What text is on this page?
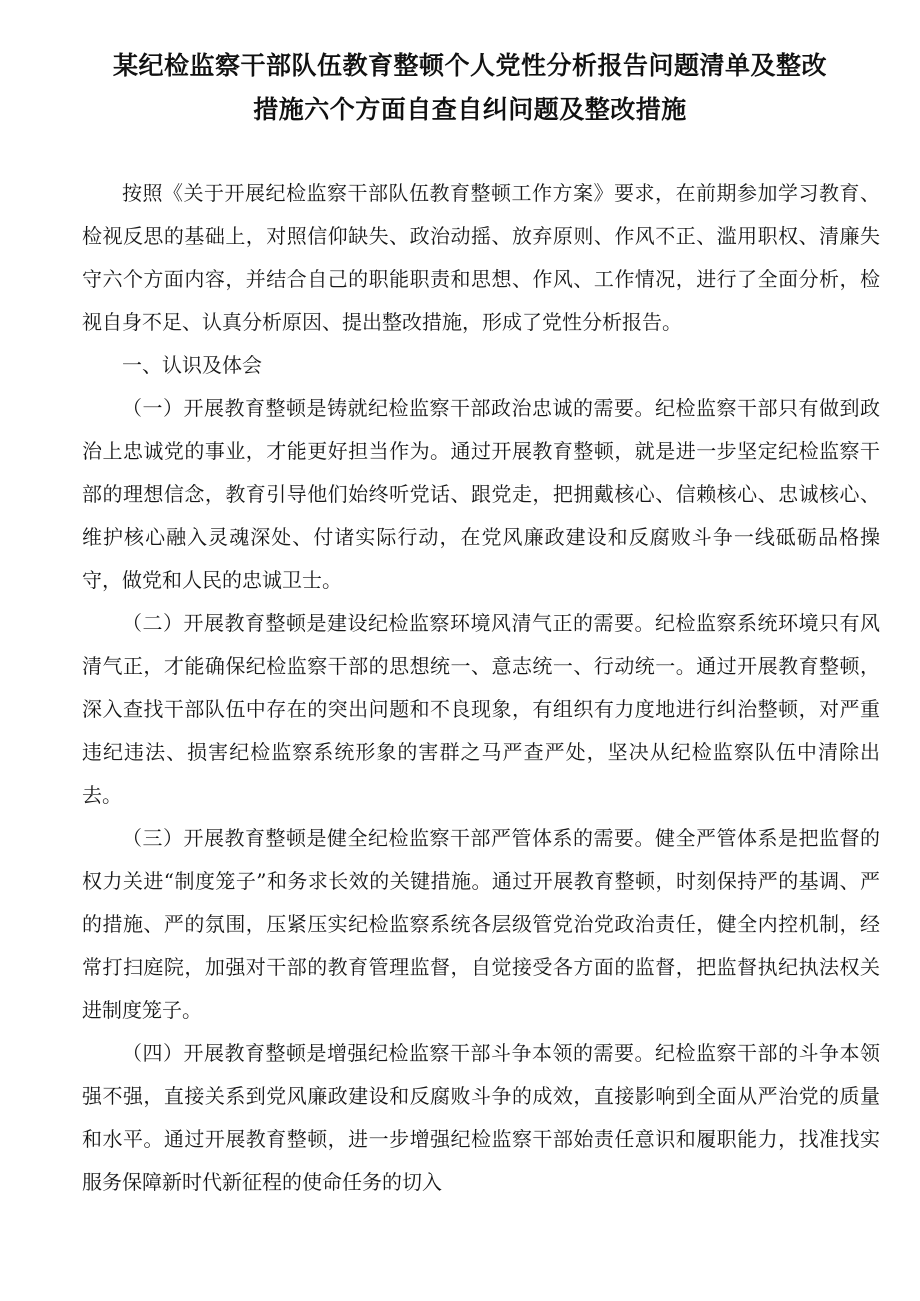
某纪检监察干部队伍教育整顿个人党性分析报告问题清单及整改
措施六个方面自查自纠问题及整改措施

按照《关于开展纪检监察干部队伍教育整顿工作方案》要求，在前期参加学习教育、检视反思的基础上，对照信仰缺失、政治动摇、放弃原则、作风不正、滥用职权、清廉失守六个方面内容，并结合自己的职能职责和思想、作风、工作情况，进行了全面分析，检视自身不足、认真分析原因、提出整改措施，形成了党性分析报告。

一、认识及体会

（一）开展教育整顿是铸就纪检监察干部政治忠诚的需要。纪检监察干部只有做到政治上忠诚党的事业，才能更好担当作为。通过开展教育整顿，就是进一步坚定纪检监察干部的理想信念，教育引导他们始终听党话、跟党走，把拥戴核心、信赖核心、忠诚核心、维护核心融入灵魂深处、付诸实际行动，在党风廉政建设和反腐败斗争一线砥砺品格操守，做党和人民的忠诚卫士。

（二）开展教育整顿是建设纪检监察环境风清气正的需要。纪检监察系统环境只有风清气正，才能确保纪检监察干部的思想统一、意志统一、行动统一。通过开展教育整顿，深入查找干部队伍中存在的突出问题和不良现象，有组织有力度地进行纠治整顿，对严重违纪违法、损害纪检监察系统形象的害群之马严查严处，坚决从纪检监察队伍中清除出去。

（三）开展教育整顿是健全纪检监察干部严管体系的需要。健全严管体系是把监督的权力关进“制度笼子”和务求长效的关键措施。通过开展教育整顿，时刻保持严的基调、严的措施、严的氛围，压紧压实纪检监察系统各层级管党治党政治责任，健全内控机制，经常打扫庭院，加强对干部的教育管理监督，自觉接受各方面的监督，把监督执纪执法权关进制度笼子。

（四）开展教育整顿是增强纪检监察干部斗争本领的需要。纪检监察干部的斗争本领强不强，直接关系到党风廉政建设和反腐败斗争的成效，直接影响到全面从严治党的质量和水平。通过开展教育整顿，进一步增强纪检监察干部始责任意识和履职能力，找准找实服务保障新时代新征程的使命任务的切入
